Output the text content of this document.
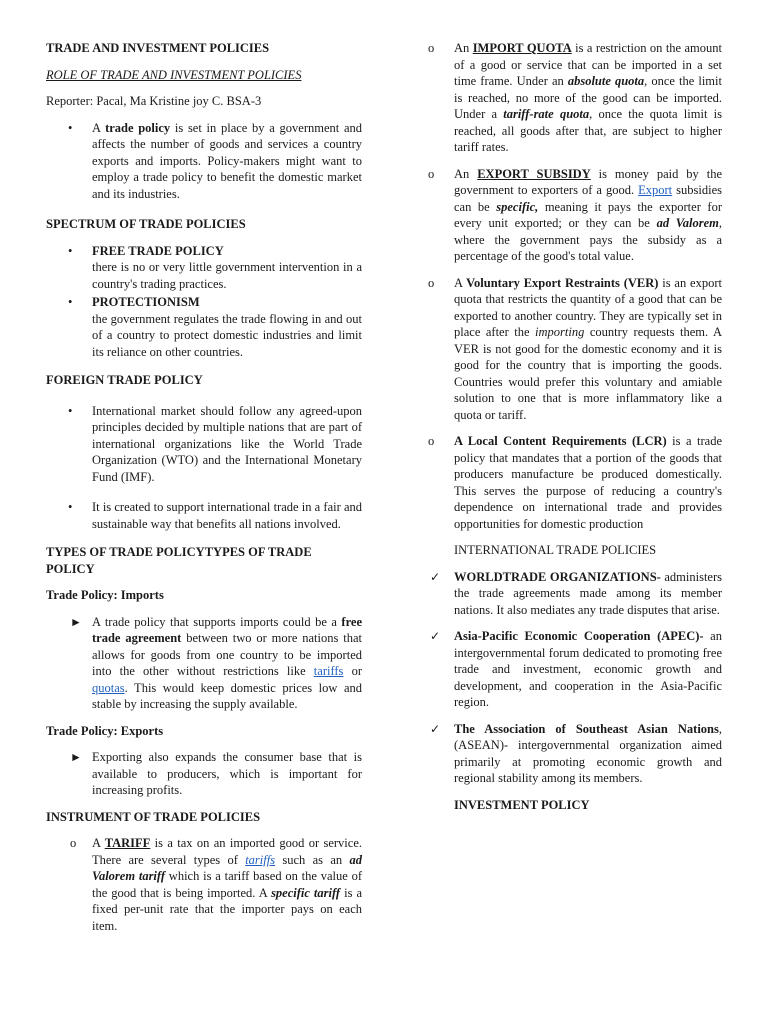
TRADE AND INVESTMENT POLICIES
ROLE OF TRADE AND INVESTMENT POLICIES
Reporter: Pacal, Ma Kristine joy C. BSA-3
• A trade policy is set in place by a government and affects the number of goods and services a country exports and imports. Policy-makers might want to employ a trade policy to benefit the domestic market and its industries.
SPECTRUM OF TRADE POLICIES
• FREE TRADE POLICY
there is no or very little government intervention in a country's trading practices.
• PROTECTIONISM
the government regulates the trade flowing in and out of a country to protect domestic industries and limit its reliance on other countries.
FOREIGN TRADE POLICY
• International market should follow any agreed-upon principles decided by multiple nations that are part of international organizations like the World Trade Organization (WTO) and the International Monetary Fund (IMF).
• It is created to support international trade in a fair and sustainable way that benefits all nations involved.
TYPES OF TRADE POLICYTYPES OF TRADE POLICY
Trade Policy: Imports
► A trade policy that supports imports could be a free trade agreement between two or more nations that allows for goods from one country to be imported into the other without restrictions like tariffs or quotas. This would keep domestic prices low and stable by increasing the supply available.
Trade Policy: Exports
► Exporting also expands the consumer base that is available to producers, which is important for increasing profits.
INSTRUMENT OF TRADE POLICIES
o A TARIFF is a tax on an imported good or service. There are several types of tariffs such as an ad Valorem tariff which is a tariff based on the value of the good that is being imported. A specific tariff is a fixed per-unit rate that the importer pays on each item.
o An IMPORT QUOTA is a restriction on the amount of a good or service that can be imported in a set time frame. Under an absolute quota, once the limit is reached, no more of the good can be imported. Under a tariff-rate quota, once the quota limit is reached, all goods after that, are subject to higher tariff rates.
o An EXPORT SUBSIDY is money paid by the government to exporters of a good. Export subsidies can be specific, meaning it pays the exporter for every unit exported; or they can be ad Valorem, where the government pays the subsidy as a percentage of the good's total value.
o A Voluntary Export Restraints (VER) is an export quota that restricts the quantity of a good that can be exported to another country. They are typically set in place after the importing country requests them. A VER is not good for the domestic economy and it is good for the country that is importing the goods. Countries would prefer this voluntary and amiable solution to one that is more inflammatory like a quota or tariff.
o A Local Content Requirements (LCR) is a trade policy that mandates that a portion of the goods that producers manufacture be produced domestically. This serves the purpose of reducing a country's dependence on international trade and provides opportunities for domestic production
INTERNATIONAL TRADE POLICIES
✓ WORLDTRADE ORGANIZATIONS- administers the trade agreements made among its member nations. It also mediates any trade disputes that arise.
✓ Asia-Pacific Economic Cooperation (APEC)- an intergovernmental forum dedicated to promoting free trade and investment, economic growth and development, and cooperation in the Asia-Pacific region.
✓ The Association of Southeast Asian Nations, (ASEAN)- intergovernmental organization aimed primarily at promoting economic growth and regional stability among its members.
INVESTMENT POLICY
